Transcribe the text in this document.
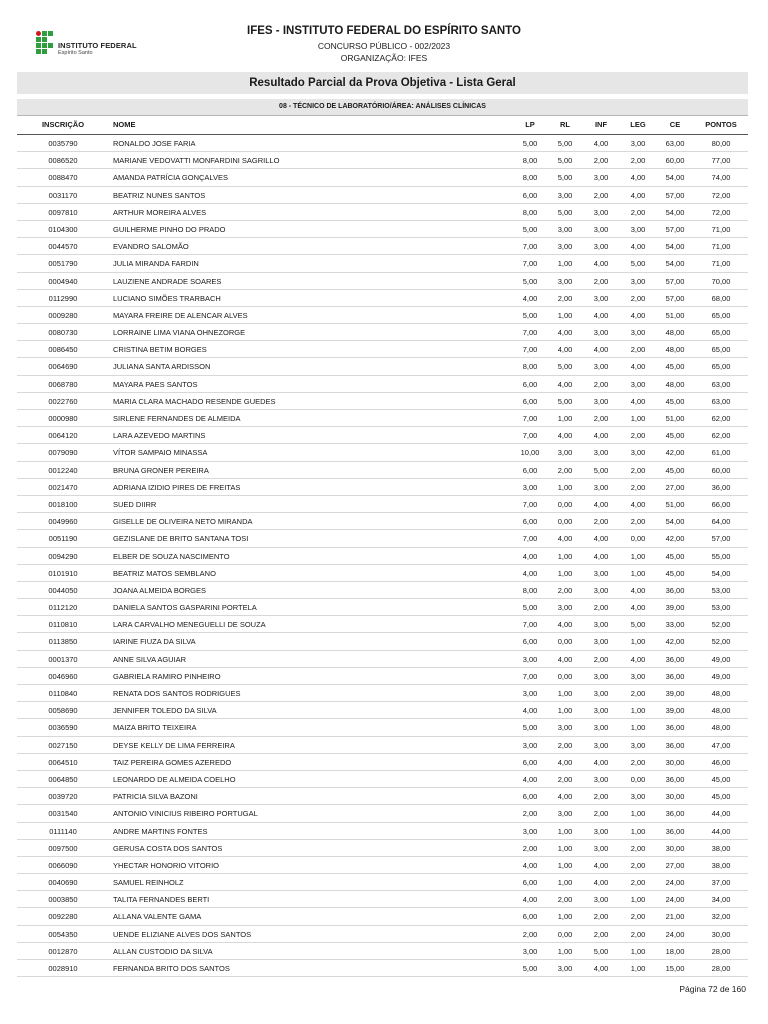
INSTITUTO FEDERAL
Espírito Santo
IFES - INSTITUTO FEDERAL DO ESPÍRITO SANTO
CONCURSO PÚBLICO - 002/2023
ORGANIZAÇÃO: IFES
Resultado Parcial da Prova Objetiva - Lista Geral
08 - TÉCNICO DE LABORATÓRIO/ÁREA: ANÁLISES CLÍNICAS
INSCRIÇÃO	NOME	LP	RL	INF	LEG	CE	PONTOS
0035790	RONALDO JOSE FARIA	5,00	5,00	4,00	3,00	63,00	80,00
0086520	MARIANE VEDOVATTI MONFARDINI SAGRILLO	8,00	5,00	2,00	2,00	60,00	77,00
0088470	AMANDA PATRÍCIA GONÇALVES	8,00	5,00	3,00	4,00	54,00	74,00
0031170	BEATRIZ NUNES SANTOS	6,00	3,00	2,00	4,00	57,00	72,00
0097810	ARTHUR MOREIRA ALVES	8,00	5,00	3,00	2,00	54,00	72,00
0104300	GUILHERME PINHO DO PRADO	5,00	3,00	3,00	3,00	57,00	71,00
0044570	EVANDRO SALOMÃO	7,00	3,00	3,00	4,00	54,00	71,00
0051790	JULIA MIRANDA FARDIN	7,00	1,00	4,00	5,00	54,00	71,00
0004940	LAUZIENE ANDRADE SOARES	5,00	3,00	2,00	3,00	57,00	70,00
0112990	LUCIANO SIMÕES TRARBACH	4,00	2,00	3,00	2,00	57,00	68,00
0009280	MAYARA FREIRE DE ALENCAR ALVES	5,00	1,00	4,00	4,00	51,00	65,00
0080730	LORRAINE LIMA VIANA OHNEZORGE	7,00	4,00	3,00	3,00	48,00	65,00
0086450	CRISTINA BETIM BORGES	7,00	4,00	4,00	2,00	48,00	65,00
0064690	JULIANA SANTA ARDISSON	8,00	5,00	3,00	4,00	45,00	65,00
0068780	MAYARA PAES SANTOS	6,00	4,00	2,00	3,00	48,00	63,00
0022760	MARIA CLARA MACHADO RESENDE GUEDES	6,00	5,00	3,00	4,00	45,00	63,00
0000980	SIRLENE FERNANDES DE ALMEIDA	7,00	1,00	2,00	1,00	51,00	62,00
0064120	LARA AZEVEDO MARTINS	7,00	4,00	4,00	2,00	45,00	62,00
0079090	VÍTOR SAMPAIO MINASSA	10,00	3,00	3,00	3,00	42,00	61,00
0012240	BRUNA GRONER PEREIRA	6,00	2,00	5,00	2,00	45,00	60,00
0021470	ADRIANA IZIDIO PIRES DE FREITAS	3,00	1,00	3,00	2,00	27,00	36,00
0018100	SUED DIIRR	7,00	0,00	4,00	4,00	51,00	66,00
0049960	GISELLE DE OLIVEIRA NETO MIRANDA	6,00	0,00	2,00	2,00	54,00	64,00
0051190	GEZISLANE DE BRITO SANTANA TOSI	7,00	4,00	4,00	0,00	42,00	57,00
0094290	ELBER DE SOUZA NASCIMENTO	4,00	1,00	4,00	1,00	45,00	55,00
0101910	BEATRIZ MATOS SEMBLANO	4,00	1,00	3,00	1,00	45,00	54,00
0044050	JOANA ALMEIDA BORGES	8,00	2,00	3,00	4,00	36,00	53,00
0112120	DANIELA SANTOS GASPARINI PORTELA	5,00	3,00	2,00	4,00	39,00	53,00
0110810	LARA CARVALHO MENEGUELLI DE SOUZA	7,00	4,00	3,00	5,00	33,00	52,00
0113850	IARINE FIUZA DA SILVA	6,00	0,00	3,00	1,00	42,00	52,00
0001370	ANNE SILVA AGUIAR	3,00	4,00	2,00	4,00	36,00	49,00
0046960	GABRIELA RAMIRO PINHEIRO	7,00	0,00	3,00	3,00	36,00	49,00
0110840	RENATA DOS SANTOS RODRIGUES	3,00	1,00	3,00	2,00	39,00	48,00
0058690	JENNIFER TOLEDO DA SILVA	4,00	1,00	3,00	1,00	39,00	48,00
0036590	MAIZA BRITO TEIXEIRA	5,00	3,00	3,00	1,00	36,00	48,00
0027150	DEYSE KELLY DE LIMA FERREIRA	3,00	2,00	3,00	3,00	36,00	47,00
0064510	TAIZ PEREIRA GOMES AZEREDO	6,00	4,00	4,00	2,00	30,00	46,00
0064850	LEONARDO DE ALMEIDA COELHO	4,00	2,00	3,00	0,00	36,00	45,00
0039720	PATRICIA SILVA BAZONI	6,00	4,00	2,00	3,00	30,00	45,00
0031540	ANTONIO VINICIUS RIBEIRO PORTUGAL	2,00	3,00	2,00	1,00	36,00	44,00
0111140	ANDRE MARTINS FONTES	3,00	1,00	3,00	1,00	36,00	44,00
0097500	GERUSA COSTA DOS SANTOS	2,00	1,00	3,00	2,00	30,00	38,00
0066090	YHECTAR HONORIO VITORIO	4,00	1,00	4,00	2,00	27,00	38,00
0040690	SAMUEL REINHOLZ	6,00	1,00	4,00	2,00	24,00	37,00
0003850	TALITA FERNANDES BERTI	4,00	2,00	3,00	1,00	24,00	34,00
0092280	ALLANA VALENTE GAMA	6,00	1,00	2,00	2,00	21,00	32,00
0054350	UENDE ELIZIANE ALVES DOS SANTOS	2,00	0,00	2,00	2,00	24,00	30,00
0012870	ALLAN CUSTODIO DA SILVA	3,00	1,00	5,00	1,00	18,00	28,00
0028910	FERNANDA BRITO DOS SANTOS	5,00	3,00	4,00	1,00	15,00	28,00
Página 72 de 160
